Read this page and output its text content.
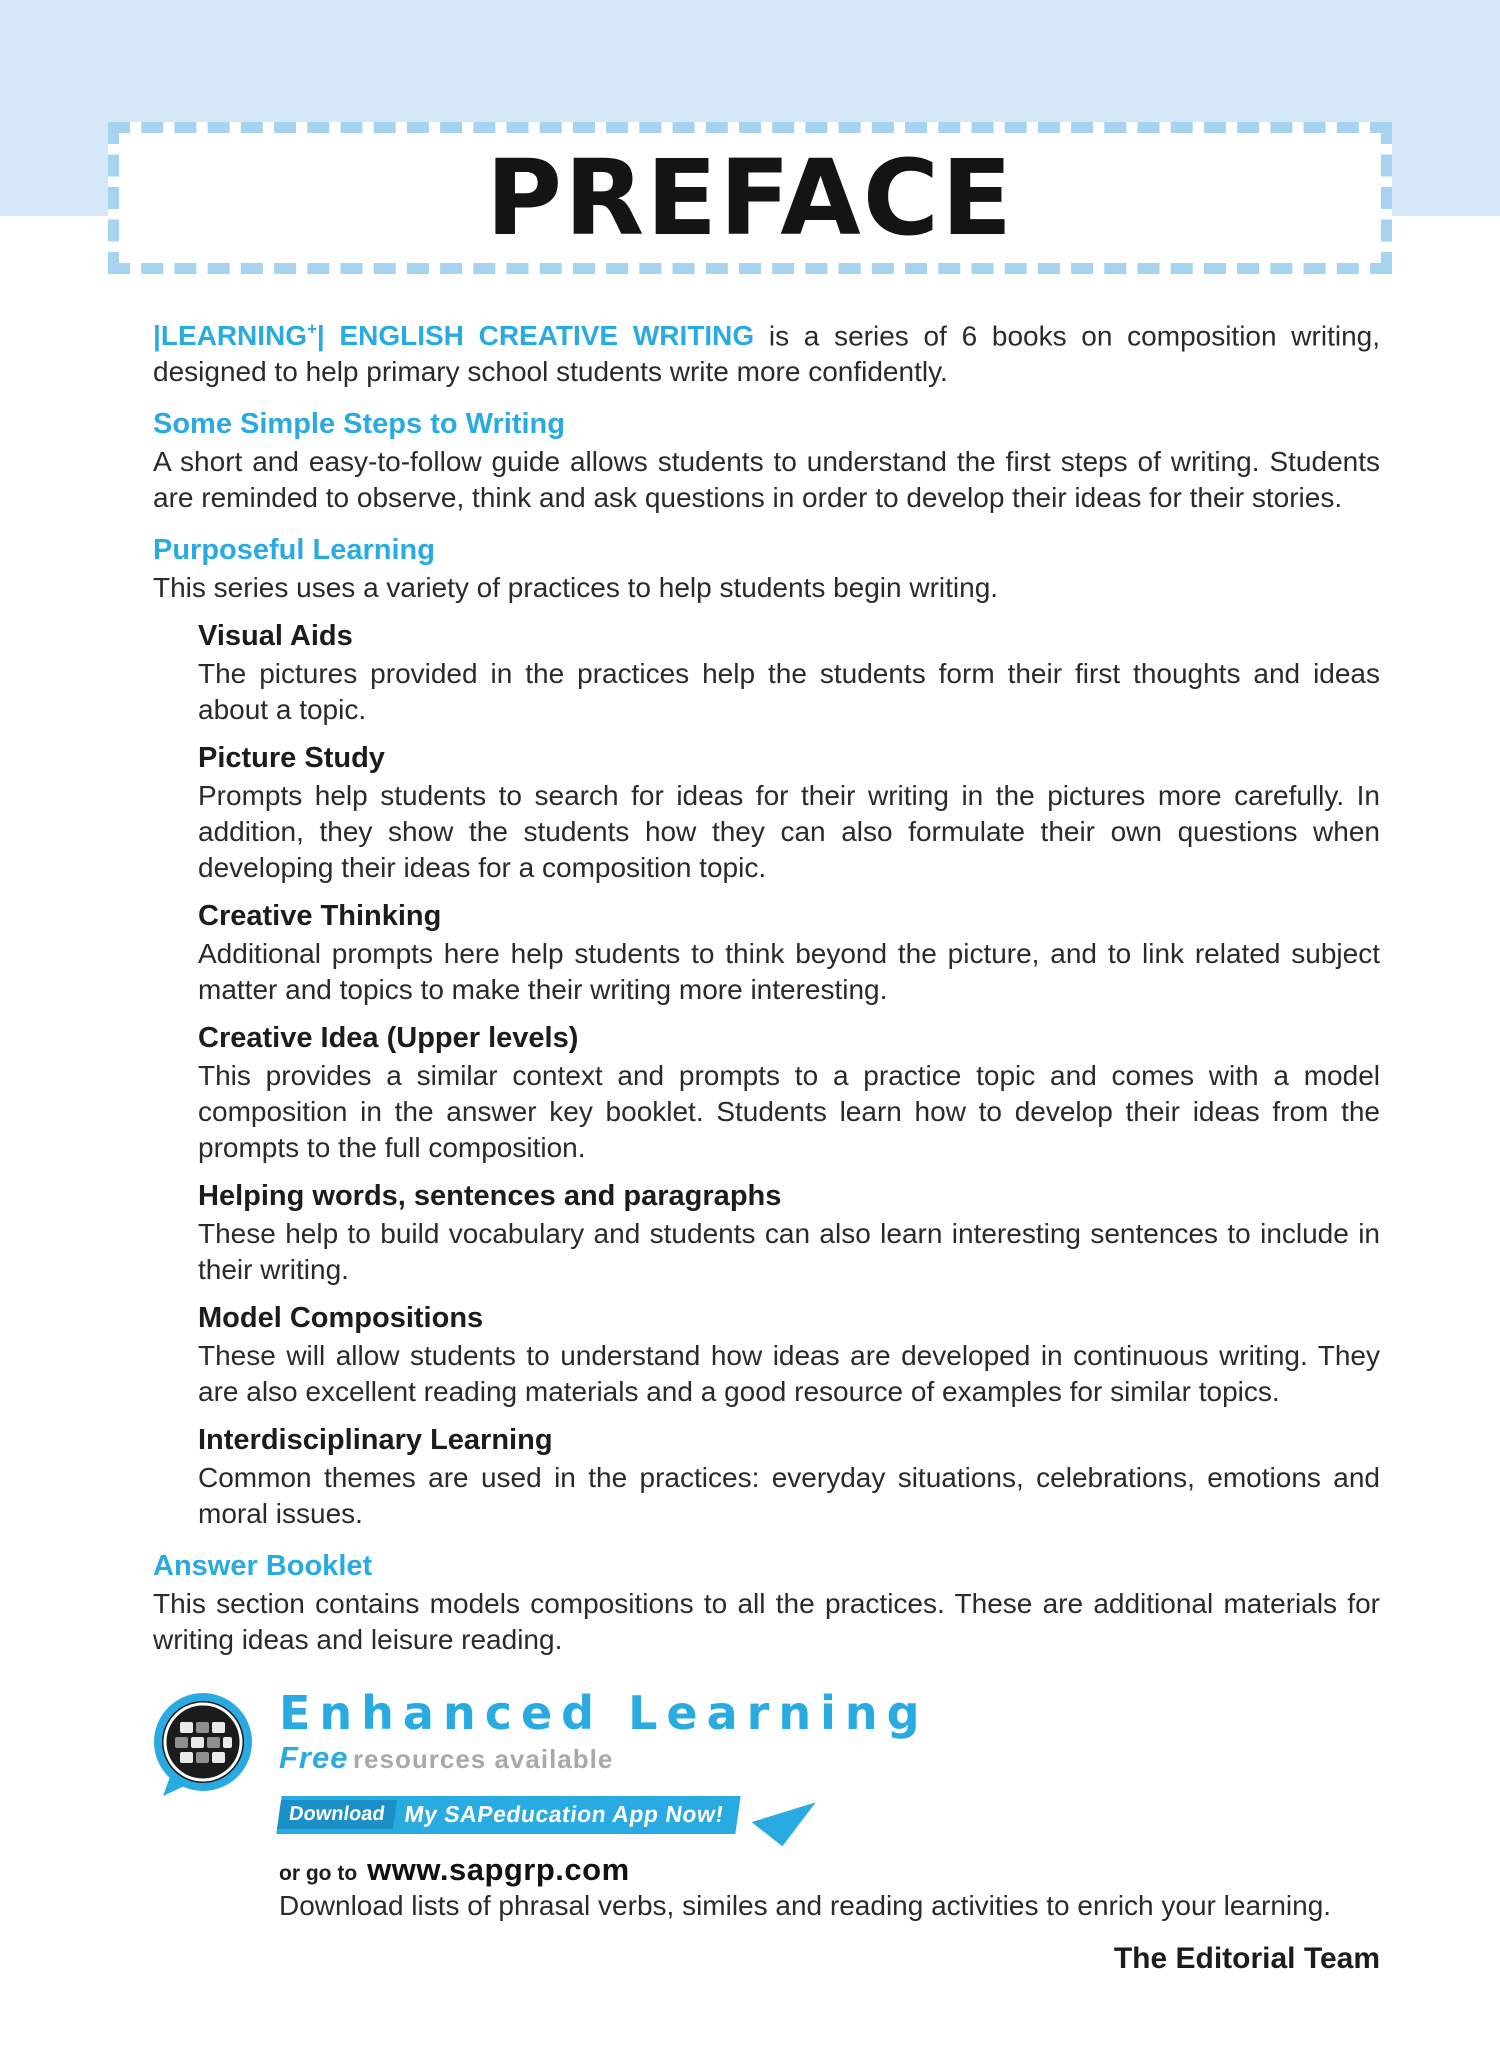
PREFACE

|LEARNING+| ENGLISH CREATIVE WRITING is a series of 6 books on composition writing, designed to help primary school students write more confidently.

Some Simple Steps to Writing

A short and easy-to-follow guide allows students to understand the first steps of writing. Students are reminded to observe, think and ask questions in order to develop their ideas for their stories.

Purposeful Learning

This series uses a variety of practices to help students begin writing.

Visual Aids

The pictures provided in the practices help the students form their first thoughts and ideas about a topic.

Picture Study

Prompts help students to search for ideas for their writing in the pictures more carefully. In addition, they show the students how they can also formulate their own questions when developing their ideas for a composition topic.

Creative Thinking

Additional prompts here help students to think beyond the picture, and to link related subject matter and topics to make their writing more interesting.

Creative Idea (Upper levels)

This provides a similar context and prompts to a practice topic and comes with a model composition in the answer key booklet. Students learn how to develop their ideas from the prompts to the full composition.

Helping words, sentences and paragraphs

These help to build vocabulary and students can also learn interesting sentences to include in their writing.

Model Compositions

These will allow students to understand how ideas are developed in continuous writing. They are also excellent reading materials and a good resource of examples for similar topics.

Interdisciplinary Learning

Common themes are used in the practices: everyday situations, celebrations, emotions and moral issues.

Answer Booklet

This section contains models compositions to all the practices. These are additional materials for writing ideas and leisure reading.

Enhanced Learning
Free resources available
Download My SAPeducation App Now!
or go to www.sapgrp.com

Download lists of phrasal verbs, similes and reading activities to enrich your learning.

The Editorial Team
